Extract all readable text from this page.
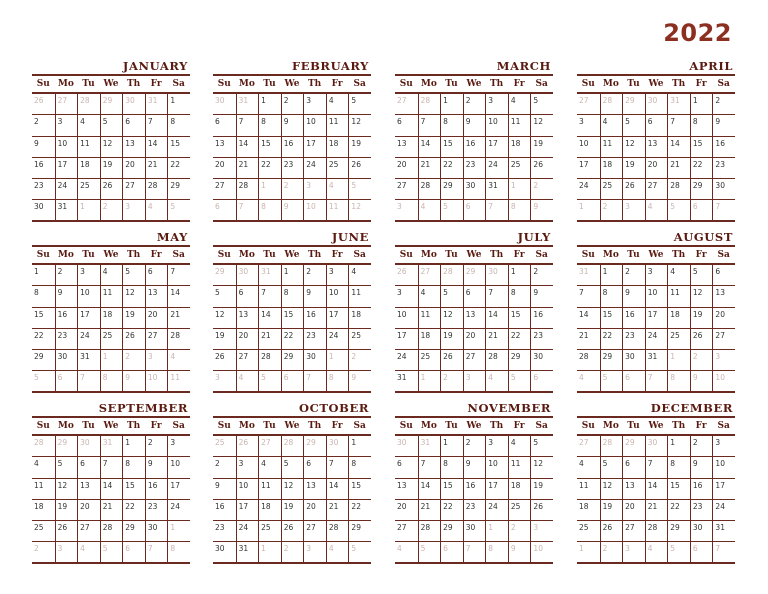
2022
JANUARY
Su Mo Tu We Th	Fr	Sa
26	27	28	29	30	31	1
2	3	4	5	6	7	8
9	10	11	12	13	14	15
16	17	18	19	20	21	22
23	24	25	26	27	28	29
30	31	1	2	3	4	5
FEBRUARY
Su Mo Tu We Th	Fr	Sa
30	31	1	2	3	4	5
6	7	8	9	10	11	12
13	14	15	16	17	18	19
20	21	22	23	24	25	26
27	28	1	2	3	4	5
6	7	8	9	10	11	12
MARCH
Su Mo Tu We Th	Fr	Sa
27	28	1	2	3	4	5
6	7	8	9	10	11	12
13	14	15	16	17	18	19
20	21	22	23	24	25	26
27	28	29	30	31	1	2
3	4	5	6	7	8	9
APRIL
Su Mo Tu We Th	Fr	Sa
27	28	29	30	31	1	2
3	4	5	6	7	8	9
10	11	12	13	14	15	16
17	18	19	20	21	22	23
24	25	26	27	28	29	30
1	2	3	4	5	6	7
MAY
Su Mo Tu We Th	Fr	Sa
1	2	3	4	5	6	7
8	9	10	11	12	13	14
15	16	17	18	19	20	21
22	23	24	25	26	27	28
29	30	31	1	2	3	4
5	6	7	8	9	10	11
JUNE
Su Mo Tu We Th	Fr	Sa
29	30	31	1	2	3	4
5	6	7	8	9	10	11
12	13	14	15	16	17	18
19	20	21	22	23	24	25
26	27	28	29	30	1	2
3	4	5	6	7	8	9
JULY
Su Mo Tu We Th	Fr	Sa
26	27	28	29	30	1	2
3	4	5	6	7	8	9
10	11	12	13	14	15	16
17	18	19	20	21	22	23
24	25	26	27	28	29	30
31	1	2	3	4	5	6
AUGUST
Su Mo Tu We Th	Fr	Sa
31	1	2	3	4	5	6
7	8	9	10	11	12	13
14	15	16	17	18	19	20
21	22	23	24	25	26	27
28	29	30	31	1	2	3
4	5	6	7	8	9	10
SEPTEMBER
Su Mo Tu We Th	Fr	Sa
28	29	30	31	1	2	3
4	5	6	7	8	9	10
11	12	13	14	15	16	17
18	19	20	21	22	23	24
25	26	27	28	29	30	1
2	3	4	5	6	7	8
OCTOBER
Su Mo Tu We Th	Fr	Sa
25	26	27	28	29	30	1
2	3	4	5	6	7	8
9	10	11	12	13	14	15
16	17	18	19	20	21	22
23	24	25	26	27	28	29
30	31	1	2	3	4	5
NOVEMBER
Su Mo Tu We Th	Fr	Sa
30	31	1	2	3	4	5
6	7	8	9	10	11	12
13	14	15	16	17	18	19
20	21	22	23	24	25	26
27	28	29	30	1	2	3
4	5	6	7	8	9	10
DECEMBER
Su Mo Tu We Th	Fr	Sa
27	28	29	30	1	2	3
4	5	6	7	8	9	10
11	12	13	14	15	16	17
18	19	20	21	22	23	24
25	26	27	28	29	30	31
1	2	3	4	5	6	7
